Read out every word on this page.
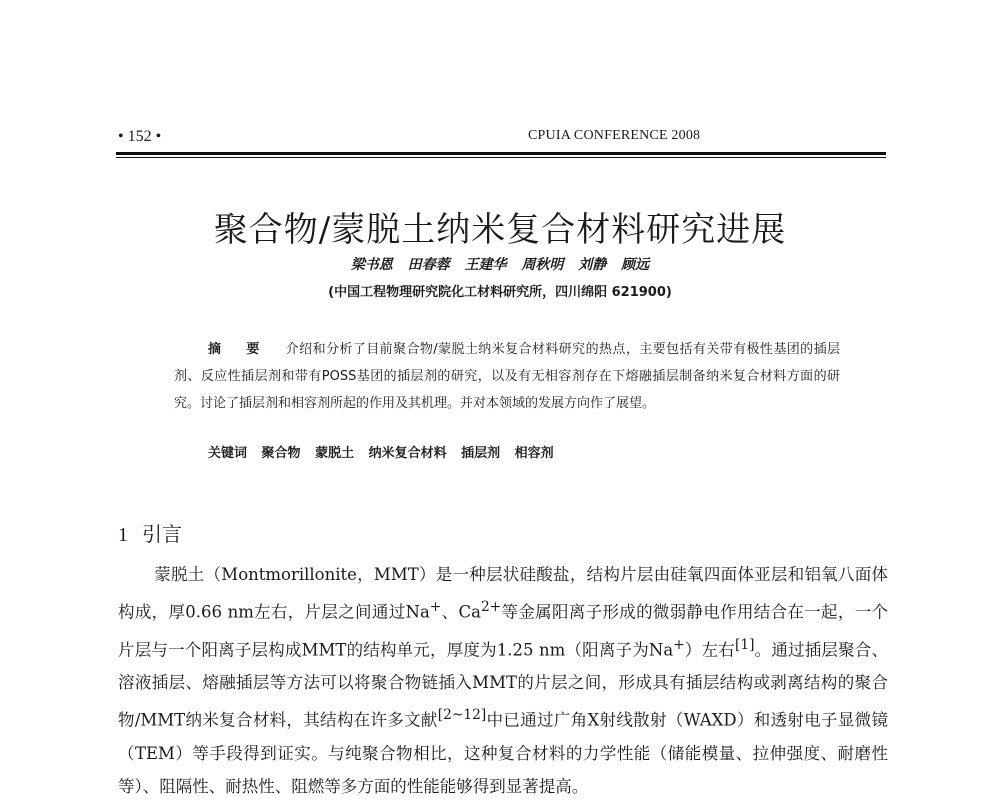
• 152 •	CPUIA CONFERENCE 2008
聚合物/蒙脱土纳米复合材料研究进展
梁书恩 田春蓉 王建华 周秋明 刘静 顾远
(中国工程物理研究院化工材料研究所，四川绵阳 621900)
摘 要 介绍和分析了目前聚合物/蒙脱土纳米复合材料研究的热点，主要包括有关带有极性基团的插层剂、反应性插层剂和带有POSS基团的插层剂的研究，以及有无相容剂存在下熔融插层制备纳米复合材料方面的研究。讨论了插层剂和相容剂所起的作用及其机理。并对本领域的发展方向作了展望。
关键词 聚合物 蒙脱土 纳米复合材料 插层剂 相容剂
1 引言
蒙脱土（Montmorillonite，MMT）是一种层状硅酸盐，结构片层由硅氧四面体亚层和铝氧八面体构成，厚0.66 nm左右，片层之间通过Na+、$Ca^{2+}$等金属阳离子形成的微弱静电作用结合在一起，一个片层与一个阳离子层构成MMT的结构单元，厚度为1.25 nm（阳离子为Na+）左右[1]。通过插层聚合、溶液插层、熔融插层等方法可以将聚合物链插入MMT的片层之间，形成具有插层结构或剥离结构的聚合物/MMT纳米复合材料，其结构在许多文献[2~12]中已通过广角X射线散射（WAXD）和透射电子显微镜（TEM）等手段得到证实。与纯聚合物相比，这种复合材料的力学性能（储能模量、拉伸强度、耐磨性等）、阻隔性、耐热性、阻燃等多方面的性能能够得到显著提高。
